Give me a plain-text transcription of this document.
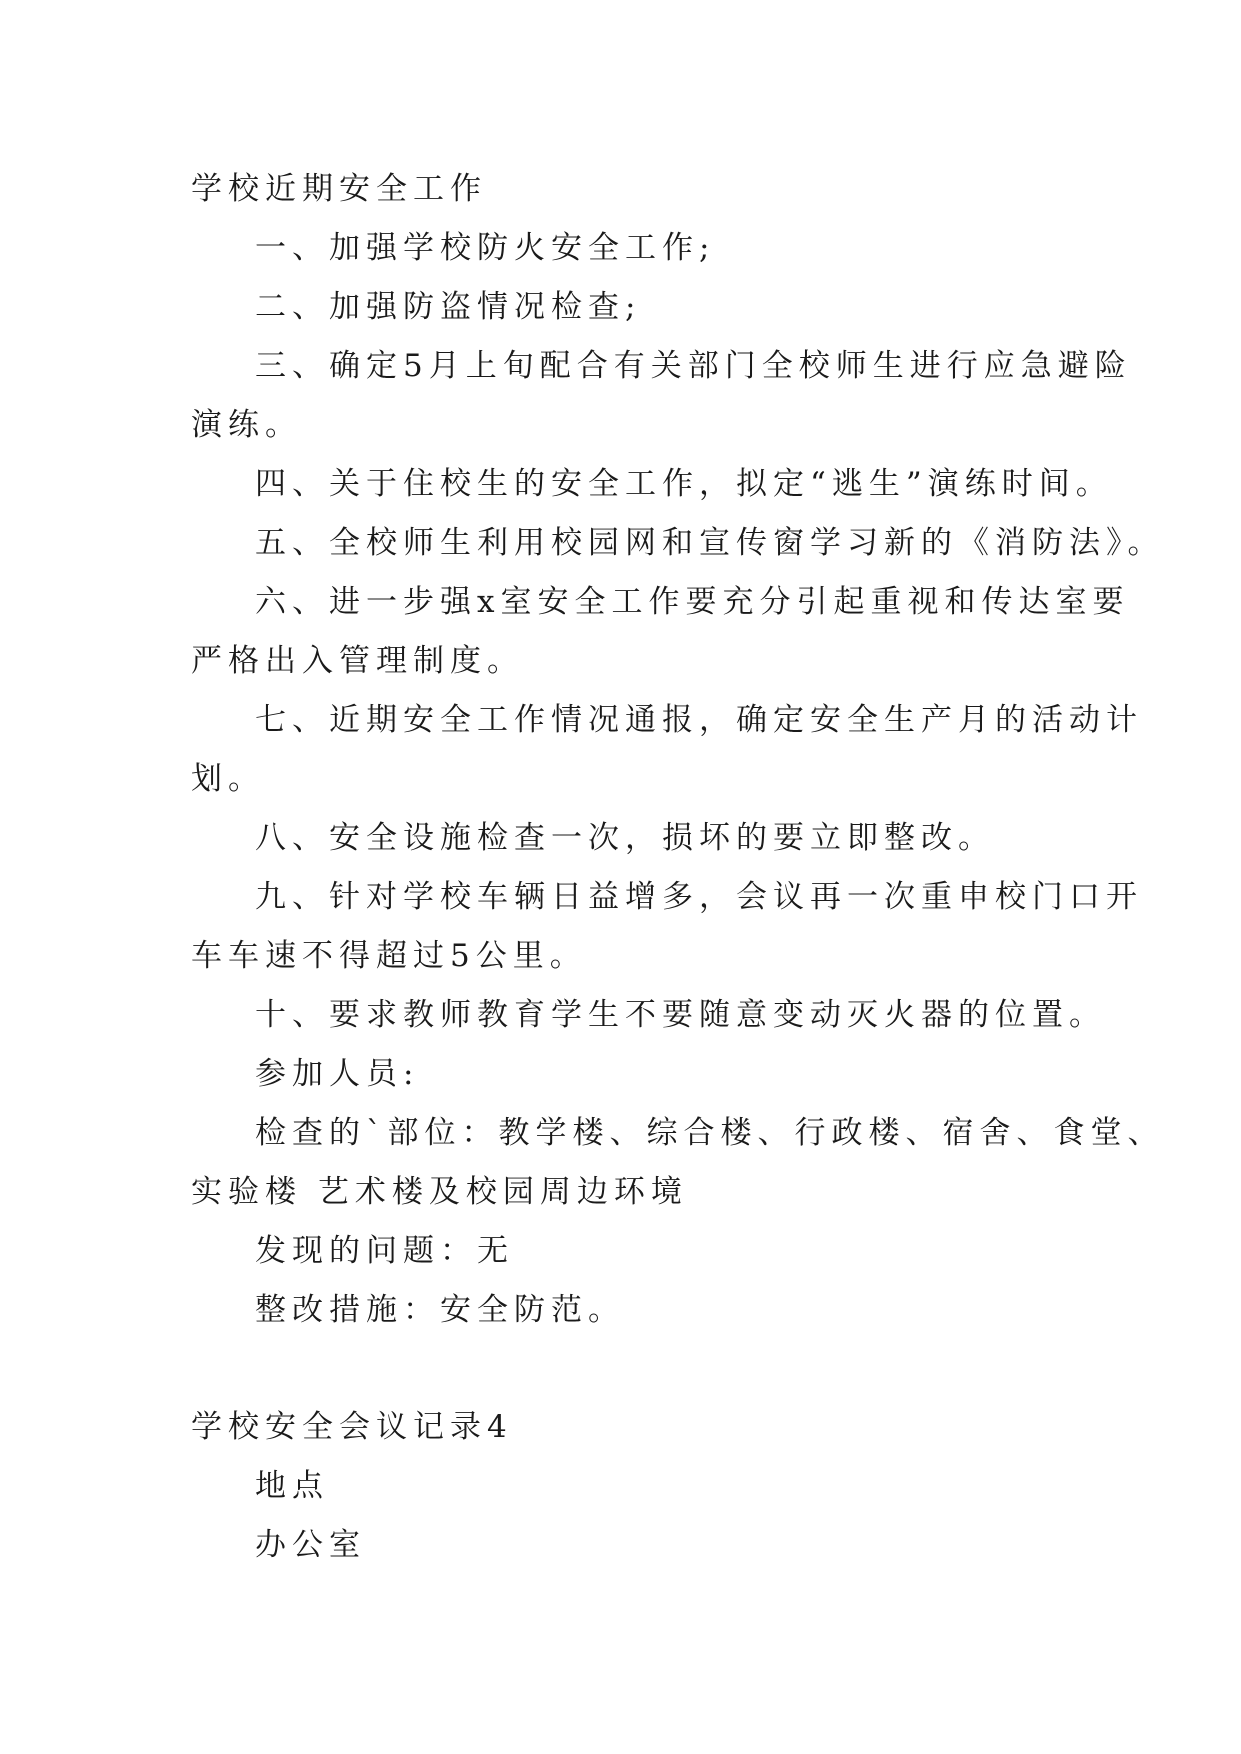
学校近期安全工作

一、加强学校防火安全工作;

二、加强防盗情况检查;

三、确定5月上旬配合有关部门全校师生进行应急避险

演练。

四、关于住校生的安全工作，拟定“逃生”演练时间。

五、全校师生利用校园网和宣传窗学习新的《消防法》。

六、进一步强x室安全工作要充分引起重视和传达室要

严格出入管理制度。

七、近期安全工作情况通报，确定安全生产月的活动计

划。

八、安全设施检查一次，损坏的要立即整改。

九、针对学校车辆日益增多，会议再一次重申校门口开

车车速不得超过5公里。

十、要求教师教育学生不要随意变动灭火器的位置。

参加人员:

检查的`部位：教学楼、综合楼、行政楼、宿舍、食堂、

实验楼 艺术楼及校园周边环境

发现的问题：无

整改措施：安全防范。

学校安全会议记录4

地点

办公室
